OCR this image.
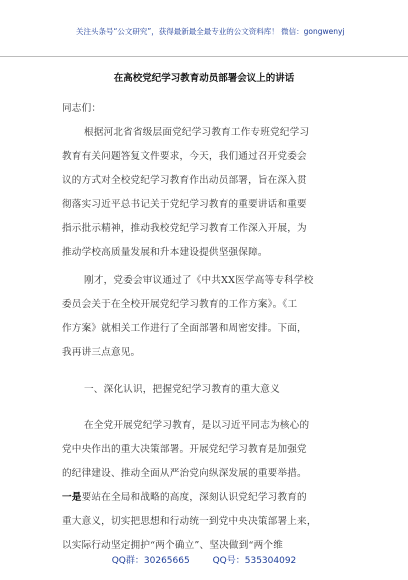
关注头条号“公文研究”，获得最新最全最专业的公文资料库！ 微信：gongwenyj
在高校党纪学习教育动员部署会议上的讲话
同志们：
根据河北省省级层面党纪学习教育工作专班党纪学习
教育有关问题答复文件要求，今天，我们通过召开党委会
议的方式对全校党纪学习教育作出动员部署，旨在深入贯
彻落实习近平总书记关于党纪学习教育的重要讲话和重要
指示批示精神，推动我校党纪学习教育工作深入开展，为
推动学校高质量发展和升本建设提供坚强保障。
刚才，党委会审议通过了《中共XX医学高等专科学校
委员会关于在全校开展党纪学习教育的工作方案》。《工
作方案》就相关工作进行了全面部署和周密安排。下面，
我再讲三点意见。
一、深化认识，把握党纪学习教育的重大意义
在全党开展党纪学习教育，是以习近平同志为核心的
党中央作出的重大决策部署。开展党纪学习教育是加强党
的纪律建设、推动全面从严治党向纵深发展的重要举措。
一是要站在全局和战略的高度，深刻认识党纪学习教育的
重大意义，切实把思想和行动统一到党中央决策部署上来，
以实际行动坚定拥护“两个确立”、坚决做到“两个维
QQ群：30265665	QQ号：535304092
